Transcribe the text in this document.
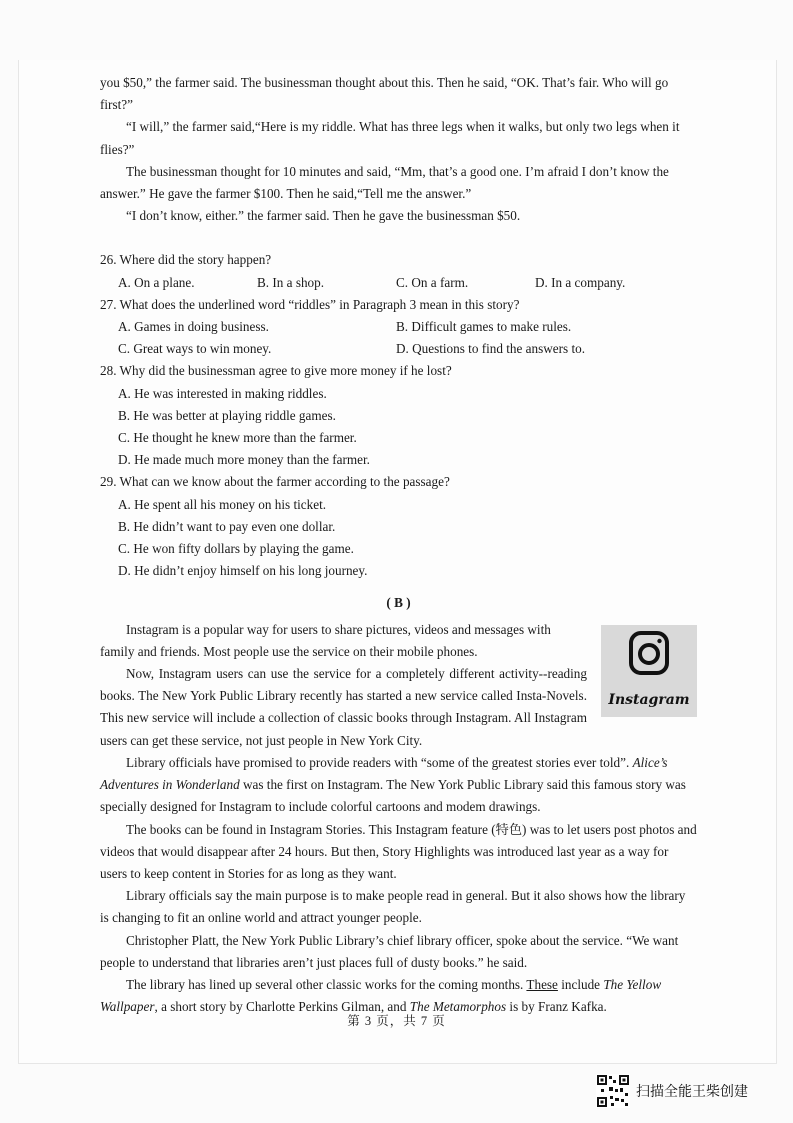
you $50,” the farmer said. The businessman thought about this. Then he said, “OK. That’s fair. Who will go first?”

“I will,” the farmer said,“Here is my riddle. What has three legs when it walks, but only two legs when it flies?”

The businessman thought for 10 minutes and said, “Mm, that’s a good one. I’m afraid I don’t know the answer.” He gave the farmer $100. Then he said,“Tell me the answer.”

“I don’t know, either.” the farmer said. Then he gave the businessman $50.

26. Where did the story happen?

A. On a plane.	B. In a shop.	C. On a farm.	D. In a company.

27. What does the underlined word “riddles” in Paragraph 3 mean in this story?

A. Games in doing business.	B. Difficult games to make rules.
C. Great ways to win money.	D. Questions to find the answers to.

28. Why did the businessman agree to give more money if he lost?

A. He was interested in making riddles.

B. He was better at playing riddle games.

C. He thought he knew more than the farmer.

D. He made much more money than the farmer.

29. What can we know about the farmer according to the passage?

A. He spent all his money on his ticket.

B. He didn’t want to pay even one dollar.

C. He won fifty dollars by playing the game.

D. He didn’t enjoy himself on his long journey.

( B )

Instagram

Instagram is a popular way for users to share pictures, videos and messages with family and friends. Most people use the service on their mobile phones.

Now, Instagram users can use the service for a completely different activity--reading books. The New York Public Library recently has started a new service called Insta-Novels. This new service will include a collection of classic books through Instagram. All Instagram users can get these service, not just people in New York City.

Library officials have promised to provide readers with “some of the greatest stories ever told”. Alice’s Adventures in Wonderland was the first on Instagram. The New York Public Library said this famous story was specially designed for Instagram to include colorful cartoons and modem drawings.

The books can be found in Instagram Stories. This Instagram feature (特色) was to let users post photos and videos that would disappear after 24 hours. But then, Story Highlights was introduced last year as a way for users to keep content in Stories for as long as they want.

Library officials say the main purpose is to make people read in general. But it also shows how the library is changing to fit an online world and attract younger people.

Christopher Platt, the New York Public Library’s chief library officer, spoke about the service. “We want people to understand that libraries aren’t just places full of dusty books.” he said.

The library has lined up several other classic works for the coming months. These include The Yellow Wallpaper, a short story by Charlotte Perkins Gilman, and The Metamorphos is by Franz Kafka.

第 3 页，共 7 页
扫描全能王柴创建
